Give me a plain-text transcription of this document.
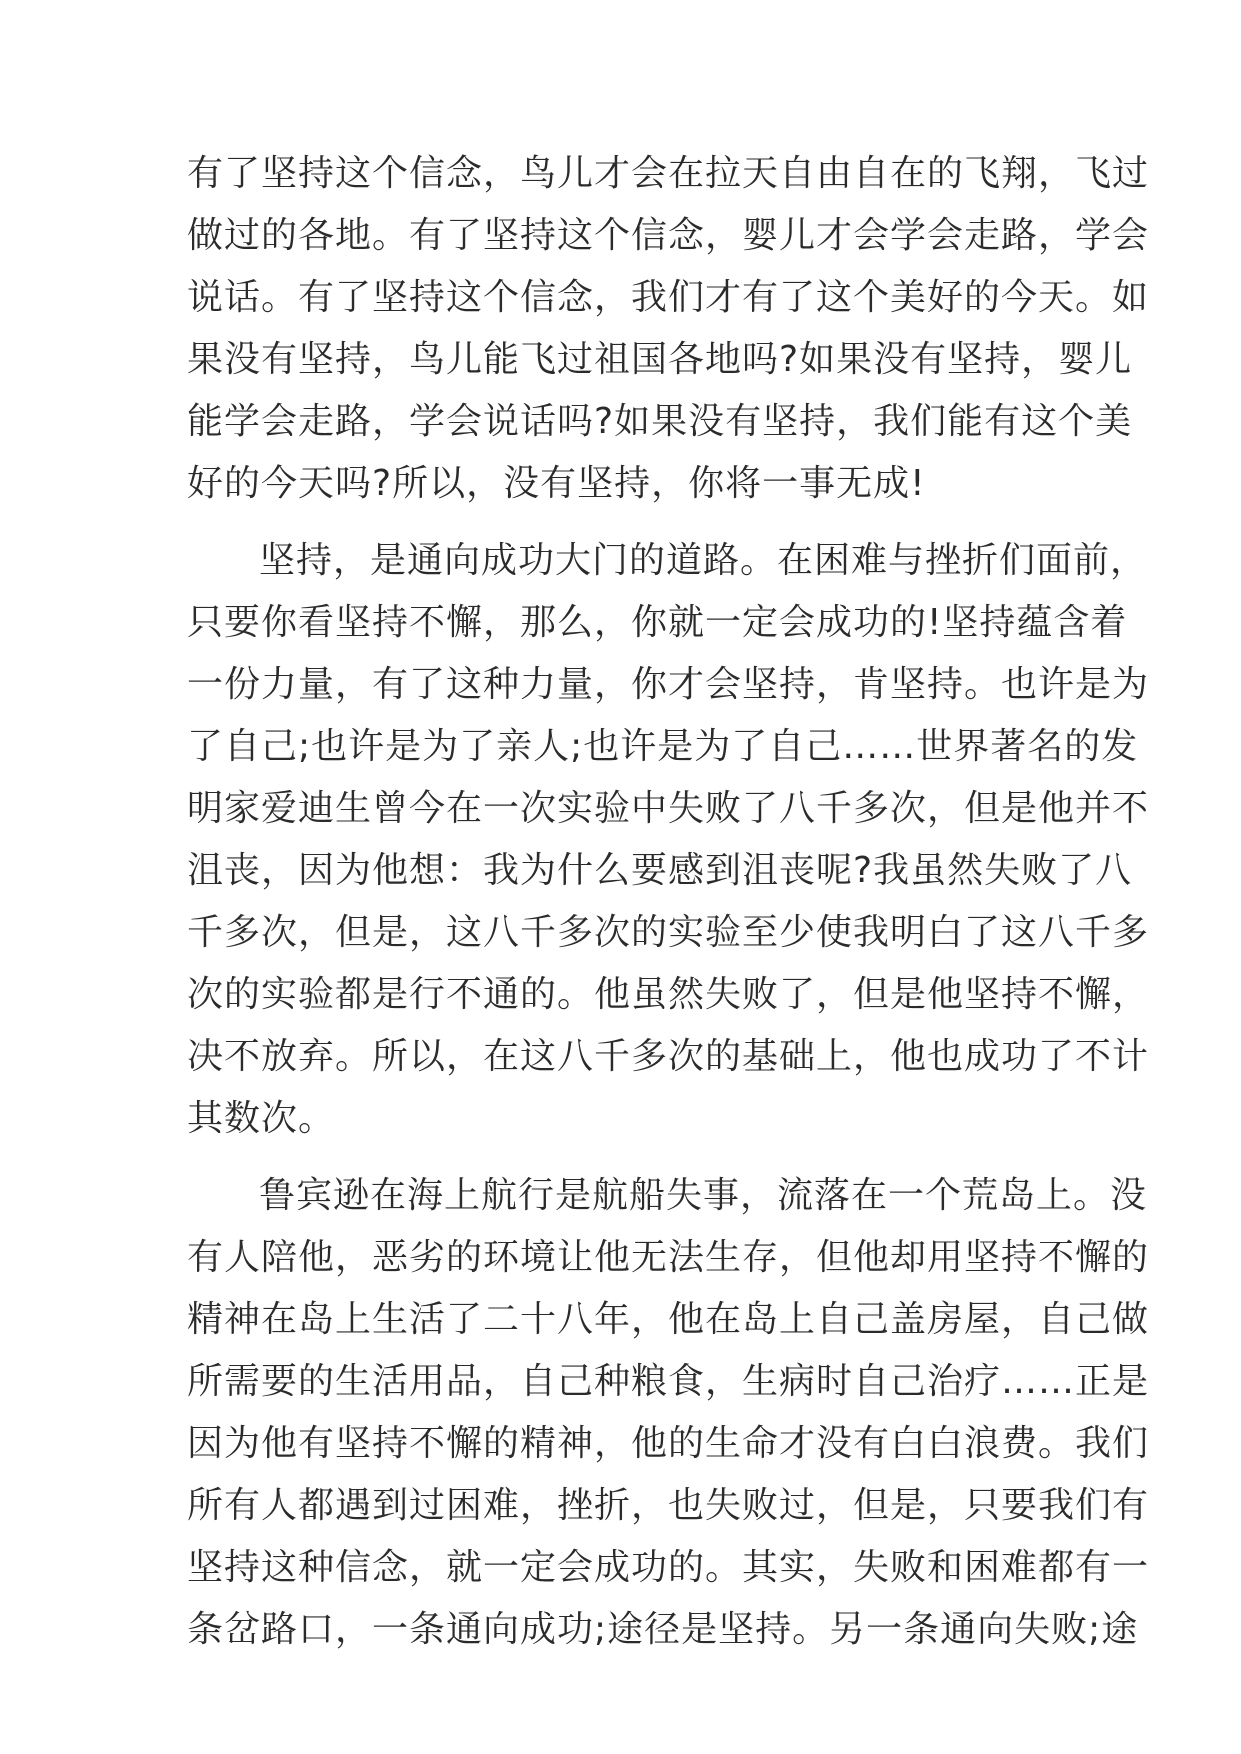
有了坚持这个信念，鸟儿才会在拉天自由自在的飞翔，飞过
做过的各地。有了坚持这个信念，婴儿才会学会走路，学会
说话。有了坚持这个信念，我们才有了这个美好的今天。如
果没有坚持，鸟儿能飞过祖国各地吗?如果没有坚持，婴儿
能学会走路，学会说话吗?如果没有坚持，我们能有这个美
好的今天吗?所以，没有坚持，你将一事无成!
坚持，是通向成功大门的道路。在困难与挫折们面前，
只要你看坚持不懈，那么，你就一定会成功的!坚持蕴含着
一份力量，有了这种力量，你才会坚持，肯坚持。也许是为
了自己;也许是为了亲人;也许是为了自己……世界著名的发
明家爱迪生曾今在一次实验中失败了八千多次，但是他并不
沮丧，因为他想：我为什么要感到沮丧呢?我虽然失败了八
千多次，但是，这八千多次的实验至少使我明白了这八千多
次的实验都是行不通的。他虽然失败了，但是他坚持不懈，
决不放弃。所以，在这八千多次的基础上，他也成功了不计
其数次。
鲁宾逊在海上航行是航船失事，流落在一个荒岛上。没
有人陪他，恶劣的环境让他无法生存，但他却用坚持不懈的
精神在岛上生活了二十八年，他在岛上自己盖房屋，自己做
所需要的生活用品，自己种粮食，生病时自己治疗……正是
因为他有坚持不懈的精神，他的生命才没有白白浪费。我们
所有人都遇到过困难，挫折，也失败过，但是，只要我们有
坚持这种信念，就一定会成功的。其实，失败和困难都有一
条岔路口，一条通向成功;途径是坚持。另一条通向失败;途
